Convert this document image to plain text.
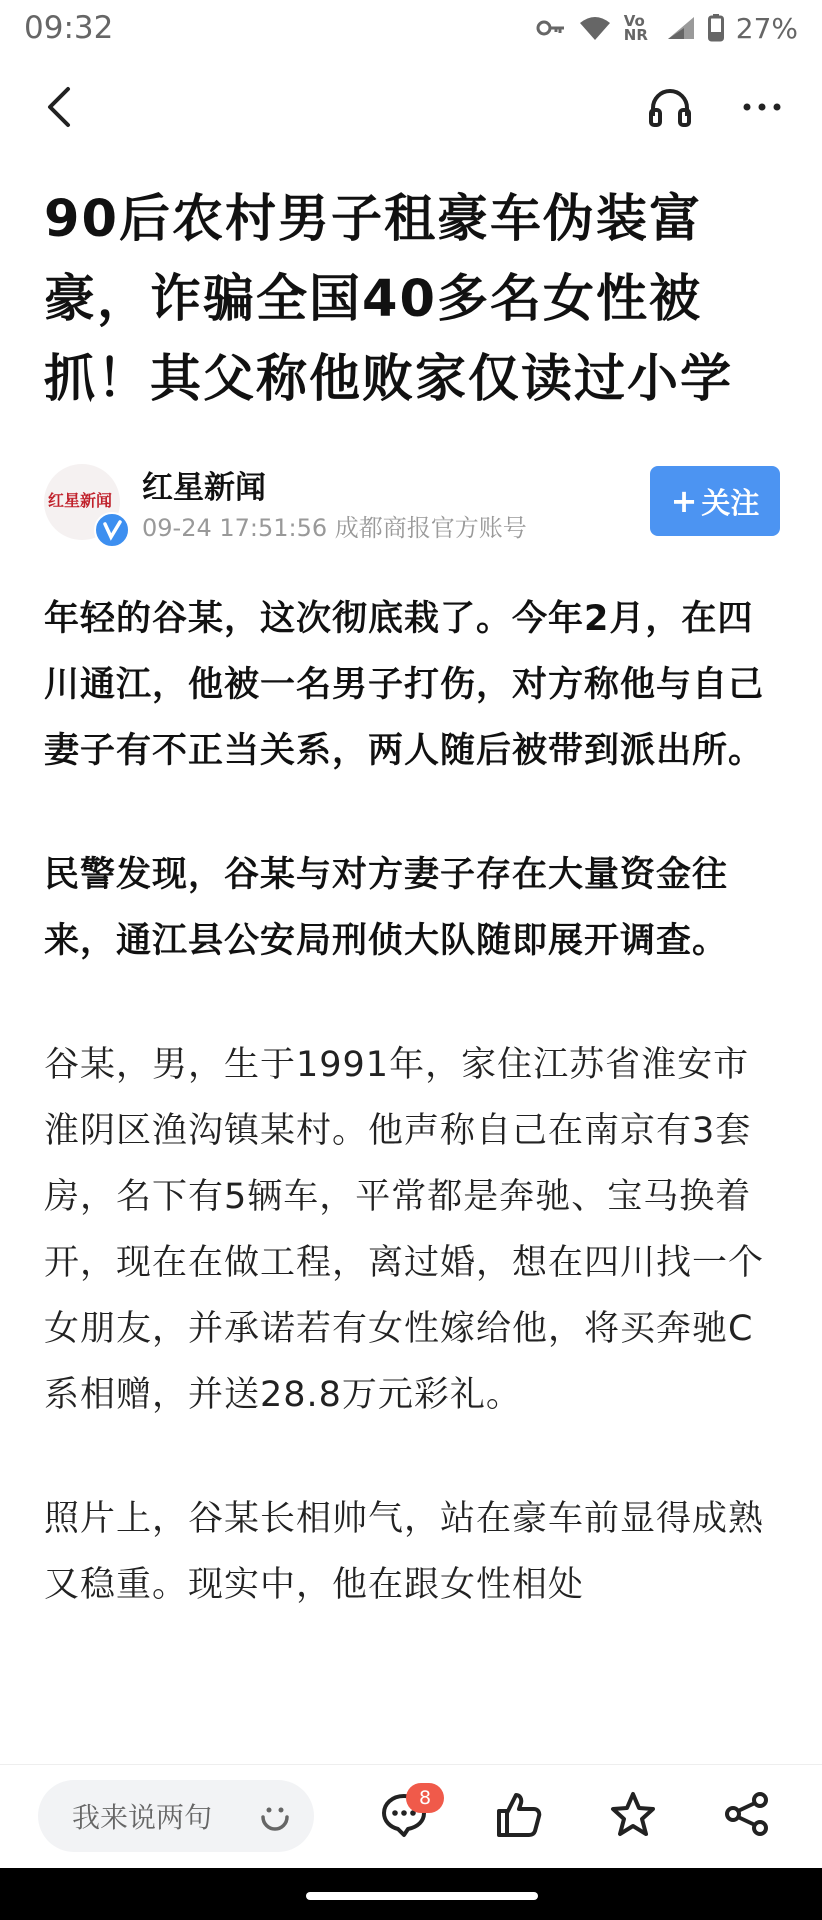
09:32	VoNR	27%
90后农村男子租豪车伪装富豪，诈骗全国40多名女性被抓！其父称他败家仅读过小学
红星新闻 红星新闻
09-24 17:51:56 成都商报官方账号
+ 关注

年轻的谷某，这次彻底栽了。今年2月，在四川通江，他被一名男子打伤，对方称他与自己妻子有不正当关系，两人随后被带到派出所。

民警发现，谷某与对方妻子存在大量资金往来，通江县公安局刑侦大队随即展开调查。

谷某，男，生于1991年，家住江苏省淮安市淮阴区渔沟镇某村。他声称自己在南京有3套房，名下有5辆车，平常都是奔驰、宝马换着开，现在在做工程，离过婚，想在四川找一个女朋友，并承诺若有女性嫁给他，将买奔驰C系相赠，并送28.8万元彩礼。

照片上，谷某长相帅气，站在豪车前显得成熟又稳重。现实中，他在跟女性相处

我来说两句
8
